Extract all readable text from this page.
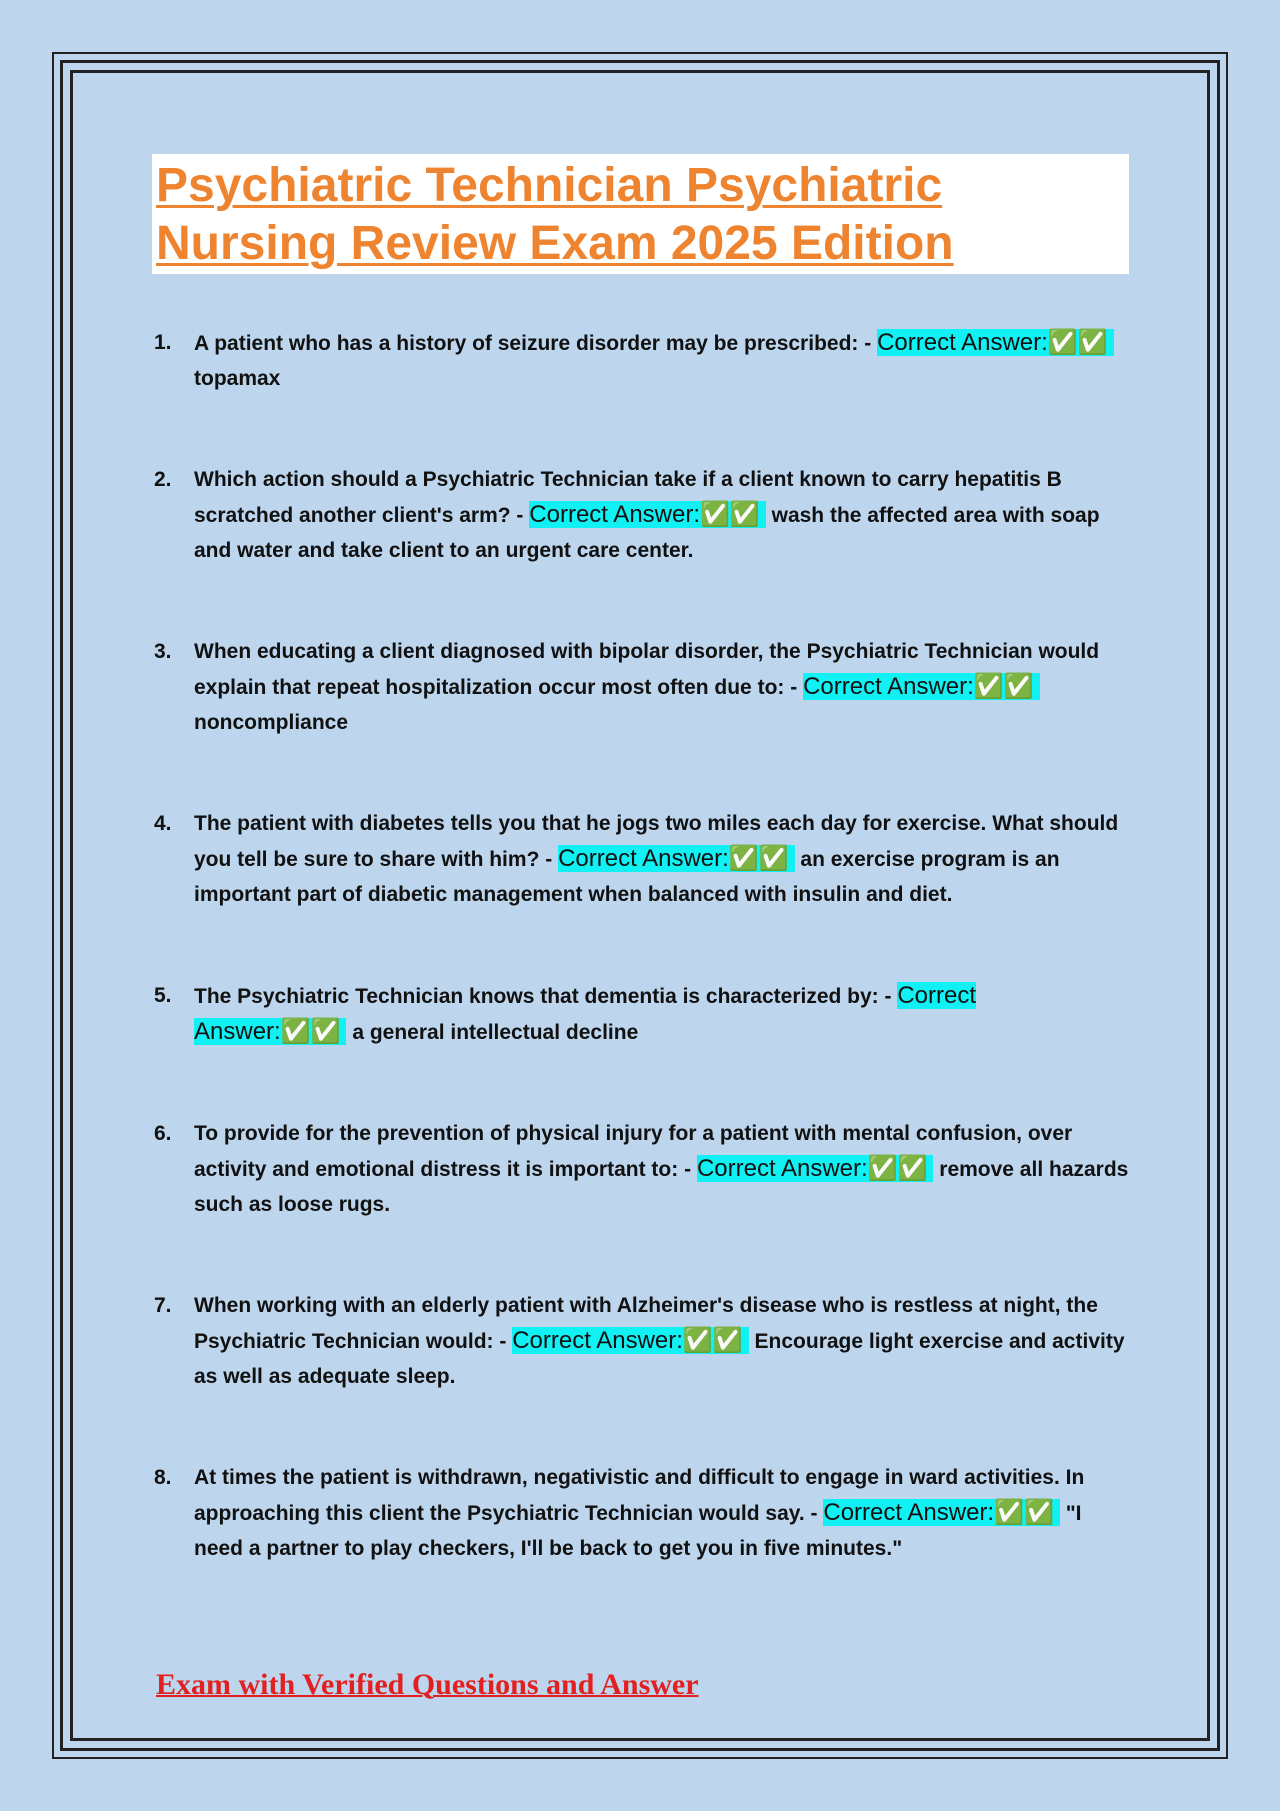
Psychiatric Technician Psychiatric Nursing Review Exam 2025 Edition
1. A patient who has a history of seizure disorder may be prescribed: - Correct Answer:✅✅ topamax
2. Which action should a Psychiatric Technician take if a client known to carry hepatitis B scratched another client's arm? - Correct Answer:✅✅ wash the affected area with soap and water and take client to an urgent care center.
3. When educating a client diagnosed with bipolar disorder, the Psychiatric Technician would explain that repeat hospitalization occur most often due to: - Correct Answer:✅✅ noncompliance
4. The patient with diabetes tells you that he jogs two miles each day for exercise. What should you tell be sure to share with him? - Correct Answer:✅✅ an exercise program is an important part of diabetic management when balanced with insulin and diet.
5. The Psychiatric Technician knows that dementia is characterized by: - Correct Answer:✅✅ a general intellectual decline
6. To provide for the prevention of physical injury for a patient with mental confusion, over activity and emotional distress it is important to: - Correct Answer:✅✅ remove all hazards such as loose rugs.
7. When working with an elderly patient with Alzheimer's disease who is restless at night, the Psychiatric Technician would: - Correct Answer:✅✅ Encourage light exercise and activity as well as adequate sleep.
8. At times the patient is withdrawn, negativistic and difficult to engage in ward activities. In approaching this client the Psychiatric Technician would say. - Correct Answer:✅✅ "I need a partner to play checkers, I'll be back to get you in five minutes."

Exam with Verified Questions and Answer
